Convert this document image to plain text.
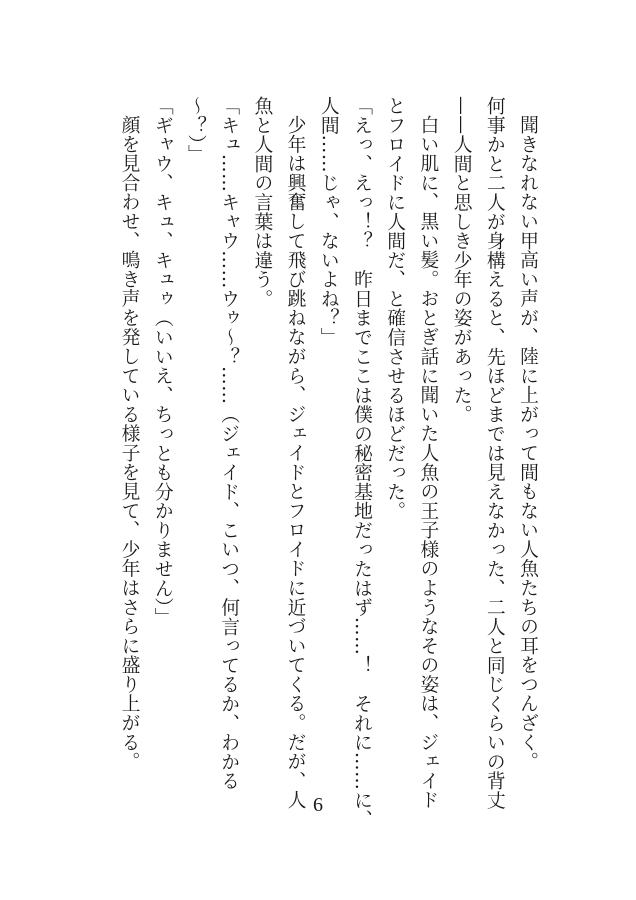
聞きなれない甲高い声が、陸に上がって間もない人魚たちの耳をつんざく。
何事かと二人が身構えると、先ほどまでは見えなかった、二人と同じくらいの背丈
——人間と思しき少年の姿があった。
白い肌に、黒い髪。おとぎ話に聞いた人魚の王子様のようなその姿は、ジェイド
とフロイドに人間だ、と確信させるほどだった。
「えっ、えっ！？　昨日までここは僕の秘密基地だったはず……！　それに……に、
人間……じゃ、ないよね？」
少年は興奮して飛び跳ねながら、ジェイドとフロイドに近づいてくる。だが、人
魚と人間の言葉は違う。
「キュ……キャウ……ウゥ～？……（ジェイド、こいつ、何言ってるか、わかる
～？）」
「ギャウ、キュ、キュゥ（いいえ、ちっとも分かりません）」
顔を見合わせ、鳴き声を発している様子を見て、少年はさらに盛り上がる。
6
